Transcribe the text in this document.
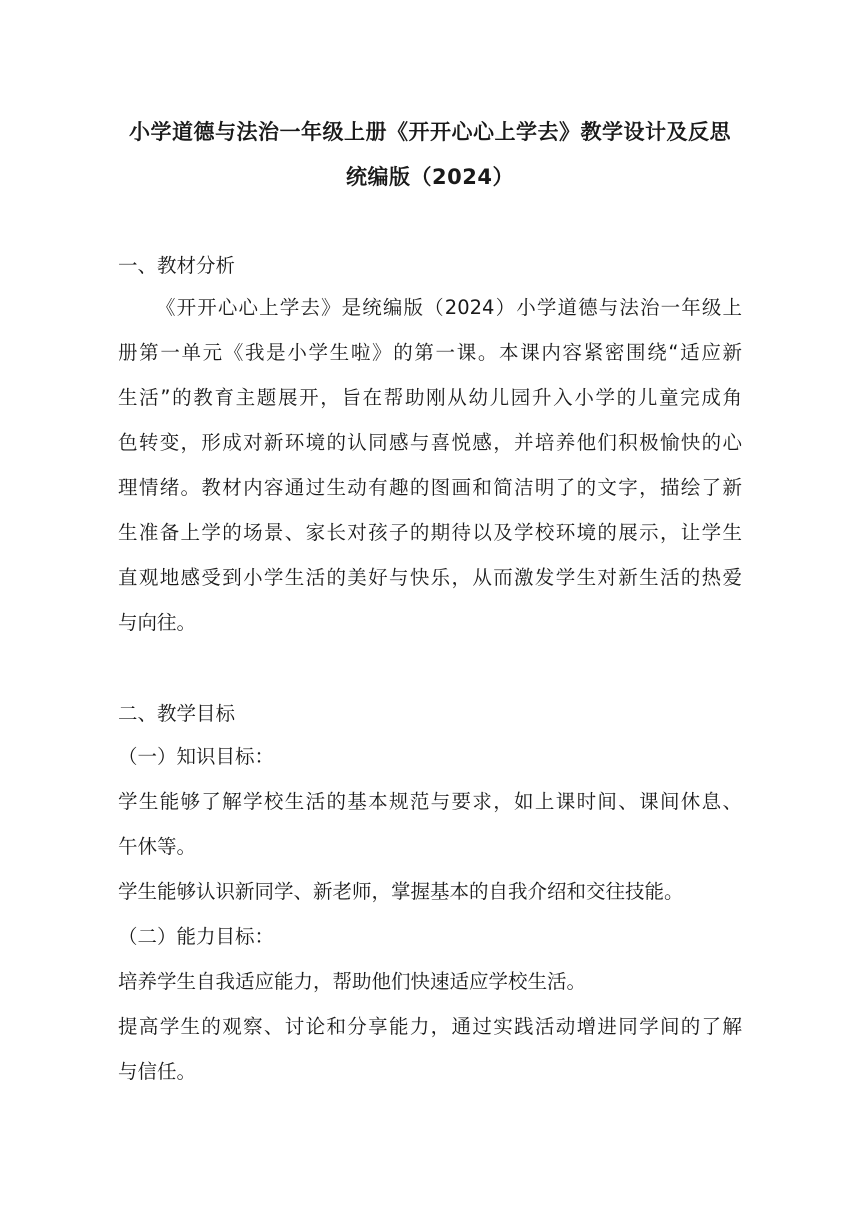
小学道德与法治一年级上册《开开心心上学去》教学设计及反思
统编版（2024）
一、教材分析
《开开心心上学去》是统编版（2024）小学道德与法治一年级上
册第一单元《我是小学生啦》的第一课。本课内容紧密围绕“适应新
生活”的教育主题展开，旨在帮助刚从幼儿园升入小学的儿童完成角
色转变，形成对新环境的认同感与喜悦感，并培养他们积极愉快的心
理情绪。教材内容通过生动有趣的图画和简洁明了的文字，描绘了新
生准备上学的场景、家长对孩子的期待以及学校环境的展示，让学生
直观地感受到小学生活的美好与快乐，从而激发学生对新生活的热爱
与向往。
二、教学目标
（一）知识目标：
学生能够了解学校生活的基本规范与要求，如上课时间、课间休息、
午休等。
学生能够认识新同学、新老师，掌握基本的自我介绍和交往技能。
（二）能力目标：
培养学生自我适应能力，帮助他们快速适应学校生活。
提高学生的观察、讨论和分享能力，通过实践活动增进同学间的了解
与信任。
